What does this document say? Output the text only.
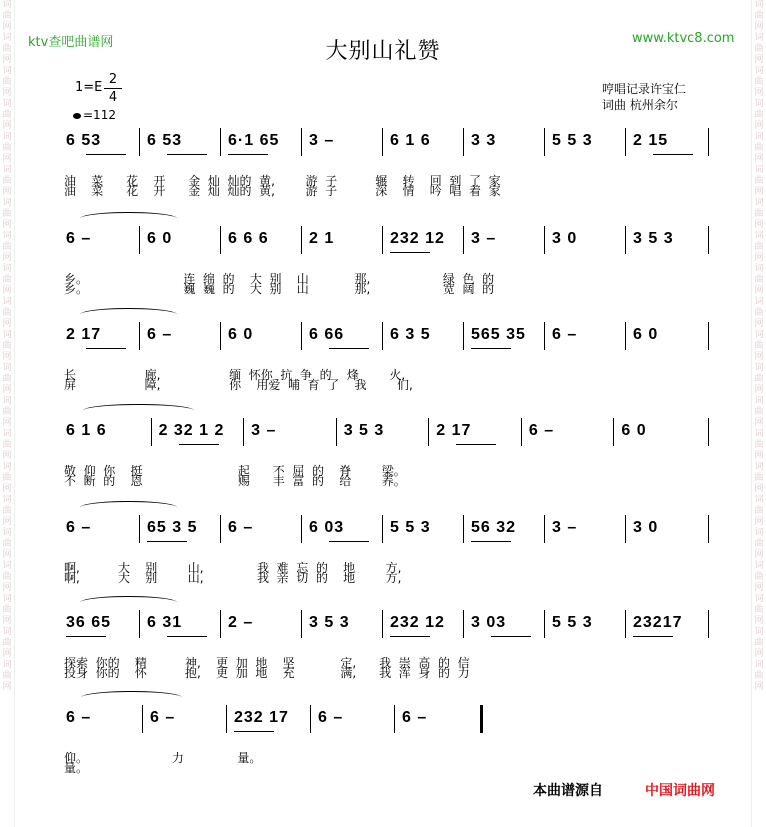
词曲网词曲网词曲网词曲网词曲网词曲网词曲网词曲网词曲网词曲网词曲网词曲网词曲网词曲网词曲网词曲网词曲网词曲网词曲网词曲网词曲网
词曲网词曲网词曲网词曲网词曲网词曲网词曲网词曲网词曲网词曲网词曲网词曲网词曲网词曲网词曲网词曲网词曲网词曲网词曲网词曲网词曲网
ktv查吧曲谱网	www.ktvc8.com
大别山礼赞
哼唱记录许宝仁
词曲 杭州余尔
1=E
2
4
=112
6 53	6 53	6·1 65 3 –	6 1 6	3 3	5 5 3	2 15
油    菜      花    开      金  灿  灿的  黄,        游  子          辗    转    回  到  了  家
油    菜      花    开      金  灿  灿的  黄,        游  子          深    情    吟  唱  着  家
6 –	6 0	6 6 6	2 1	232 12 3 –	3 0	3 5 3
乡。                         连  绵  的    大  别    山            那,                   绿  色  的
乡。                         巍  巍  的    大  别    山            那,                   宽  阔  的
2 17	6 –	6 0	6 66	6 3 5	565 35 6 –	6 0
长                  廊,                  缅  怀你  抗  争  的    烽        火,
屏                  障,                  你    用爱  哺  育  了    我        们,
6 1 6	2 32 1 2 3 –	3 5 3	2 17	6 –	6 0
敬  仰  你    挺                         起      不  屈  的    脊        梁。
不  断  的    恩                         赐      丰  富  的    给        养。
6 –	65 3 5 6 –	6 03	5 5 3	56 32 3 –	3 0
啊,          大    别        山,              我  难  忘  的    地        方,
啊,          大    别        山,              我  亲  切  的    地        方,
36 65 6 31	2 –	3 5 3	232 12 3 03	5 5 3	23217
探索  你的    精          神,    更  加  地    坚            定,      我  崇  高  的  信
投身  你的    怀          抱,    更  加  地    充            满,      我  浑  身  的  力
6 –	6 –	232 17 6 –	6 –
仰。                      力              量。
量。
本曲谱源自	中国词曲网
